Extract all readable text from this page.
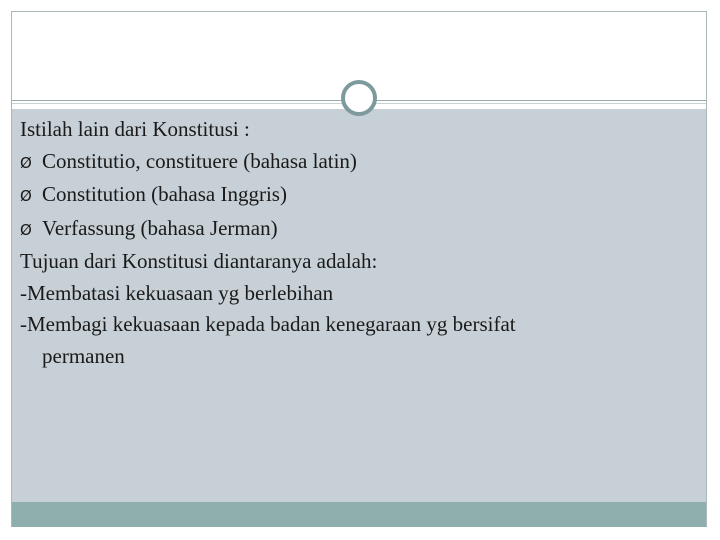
Istilah lain dari Konstitusi :
Ø Constitutio, constituere (bahasa latin)
Ø Constitution (bahasa Inggris)
Ø Verfassung (bahasa Jerman)
Tujuan dari Konstitusi diantaranya adalah:
-Membatasi kekuasaan yg berlebihan
-Membagi kekuasaan kepada badan kenegaraan yg bersifat
permanen
